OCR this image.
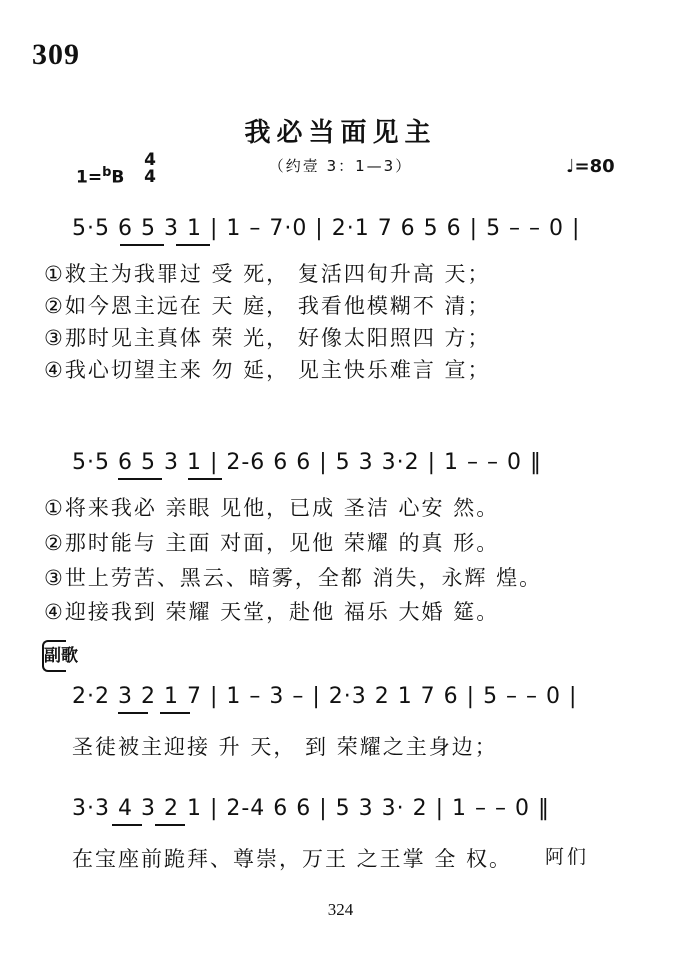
309
我必当面见主
（约壹 3：1—3）
1=$^b$B
4
4	♩=80
5·5 6 5 3 1 | 1 – 7·0 | 2·1 7 6 5 6 | 5 – – 0 |
①救主为我罪过 受 死， 复活四旬升高 天；
②如今恩主远在 天 庭， 我看他模糊不 清；
③那时见主真体 荣 光， 好像太阳照四 方；
④我心切望主来 勿 延， 见主快乐难言 宣；
5·5 6 5 3 1 | 2-6 6 6 | 5 3 3·2 | 1 – – 0 ‖
①将来我必 亲眼 见他，已成 圣洁 心安 然。
②那时能与 主面 对面，见他 荣耀 的真 形。
③世上劳苦、黑云、暗雾，全都 消失，永辉 煌。
④迎接我到 荣耀 天堂，赴他 福乐 大婚 筵。
副歌
2·2 3 2 1 7 | 1 – 3 – | 2·3 2 1 7 6 | 5 – – 0 |
圣徒被主迎接 升 天， 到 荣耀之主身边；
3·3 4 3 2 1 | 2-4 6 6 | 5 3 3· 2 | 1 – – 0 ‖
在宝座前跪拜、尊崇，万王 之王掌 全 权。 阿们
324
